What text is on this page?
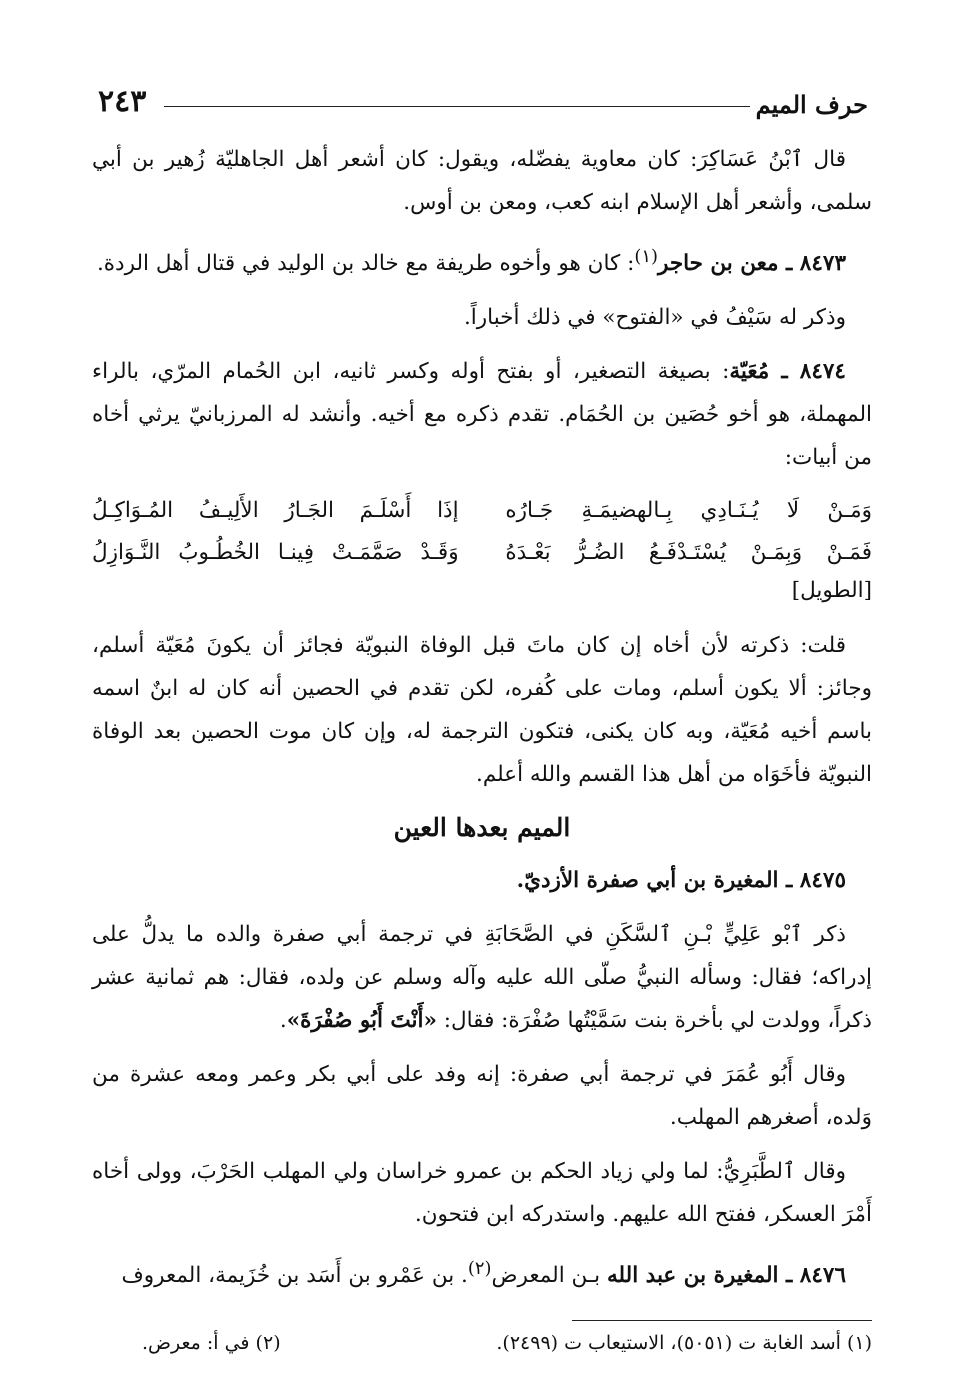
حرف الميم
٢٤٣

قال ٱبْنُ عَسَاكِرَ: كان معاوية يفضّله، ويقول: كان أشعر أهل الجاهليّة زُهير بن أبي سلمى، وأشعر أهل الإسلام ابنه كعب، ومعن بن أوس.

٨٤٧٣ ـ معن بن حاجر$^{(١)}$: كان هو وأخوه طريفة مع خالد بن الوليد في قتال أهل الردة.

وذكر له سَيْفُ في «الفتوح» في ذلك أخباراً.

٨٤٧٤ ـ مُعَيّة: بصيغة التصغير، أو بفتح أوله وكسر ثانيه، ابن الحُمام المرّي، بالراء المهملة، هو أخو حُصَين بن الحُمَام. تقدم ذكره مع أخيه. وأنشد له المرزبانيّ يرثي أخاه من أبيات:

وَمَـنْ لَا يُـنَـادِي بِـالهضيمَـةِ جَـارُه
إذَا أَسْلَـمَ الجَـارُ الأَلِيـفُ المُـوَاكِـلُ
فَمَـنْ وَبِمَـنْ يُسْتَـدْفَـعُ الضُـرُّ بَعْـدَهُ
وَقَـدْ صَمَّمَـتْ فِينـا الخُطُـوبُ النَّـوَازِلُ

[الطويل]

قلت: ذكرته لأن أخاه إن كان ماتَ قبل الوفاة النبويّة فجائز أن يكونَ مُعَيّة أسلم، وجائز: ألا يكون أسلم، ومات على كُفره، لكن تقدم في الحصين أنه كان له ابنٌ اسمه باسم أخيه مُعَيّة، وبه كان يكنى، فتكون الترجمة له، وإن كان موت الحصين بعد الوفاة النبويّة فأخَوَاه من أهل هذا القسم والله أعلم.

الميم بعدها العين

٨٤٧٥ ـ المغيرة بن أبي صفرة الأزديّ.

ذكر ٱبْو عَلِيٍّ بْـنِ ٱلسَّكَنِ في الصَّحَابَةِ في ترجمة أبي صفرة والده ما يدلُّ على إدراكه؛ فقال: وسأله النبيُّ صلّى الله عليه وآله وسلم عن ولده، فقال: هم ثمانية عشر ذكراً، وولدت لي بأخرة بنت سَمَّيْتُها صُفْرَة: فقال: «أَنْتَ أَبُو صُفْرَةَ».

وقال أَبُو عُمَرَ في ترجمة أبي صفرة: إنه وفد على أبي بكر وعمر ومعه عشرة من وَلده، أصغرهم المهلب.

وقال ٱلطَّبَرِيُّ: لما ولي زياد الحكم بن عمرو خراسان ولي المهلب الحَرْبَ، وولى أخاه أَمْرَ العسكر، ففتح الله عليهم. واستدركه ابن فتحون.

٨٤٧٦ ـ المغيرة بن عبد الله بـن المعرض$^{(٢)}$. بن عَمْرو بن أَسَد بن خُزَيمة، المعروف

(١) أسد الغابة ت (٥٠٥١)، الاستيعاب ت (٢٤٩٩).
(٢) في أ: معرض.
